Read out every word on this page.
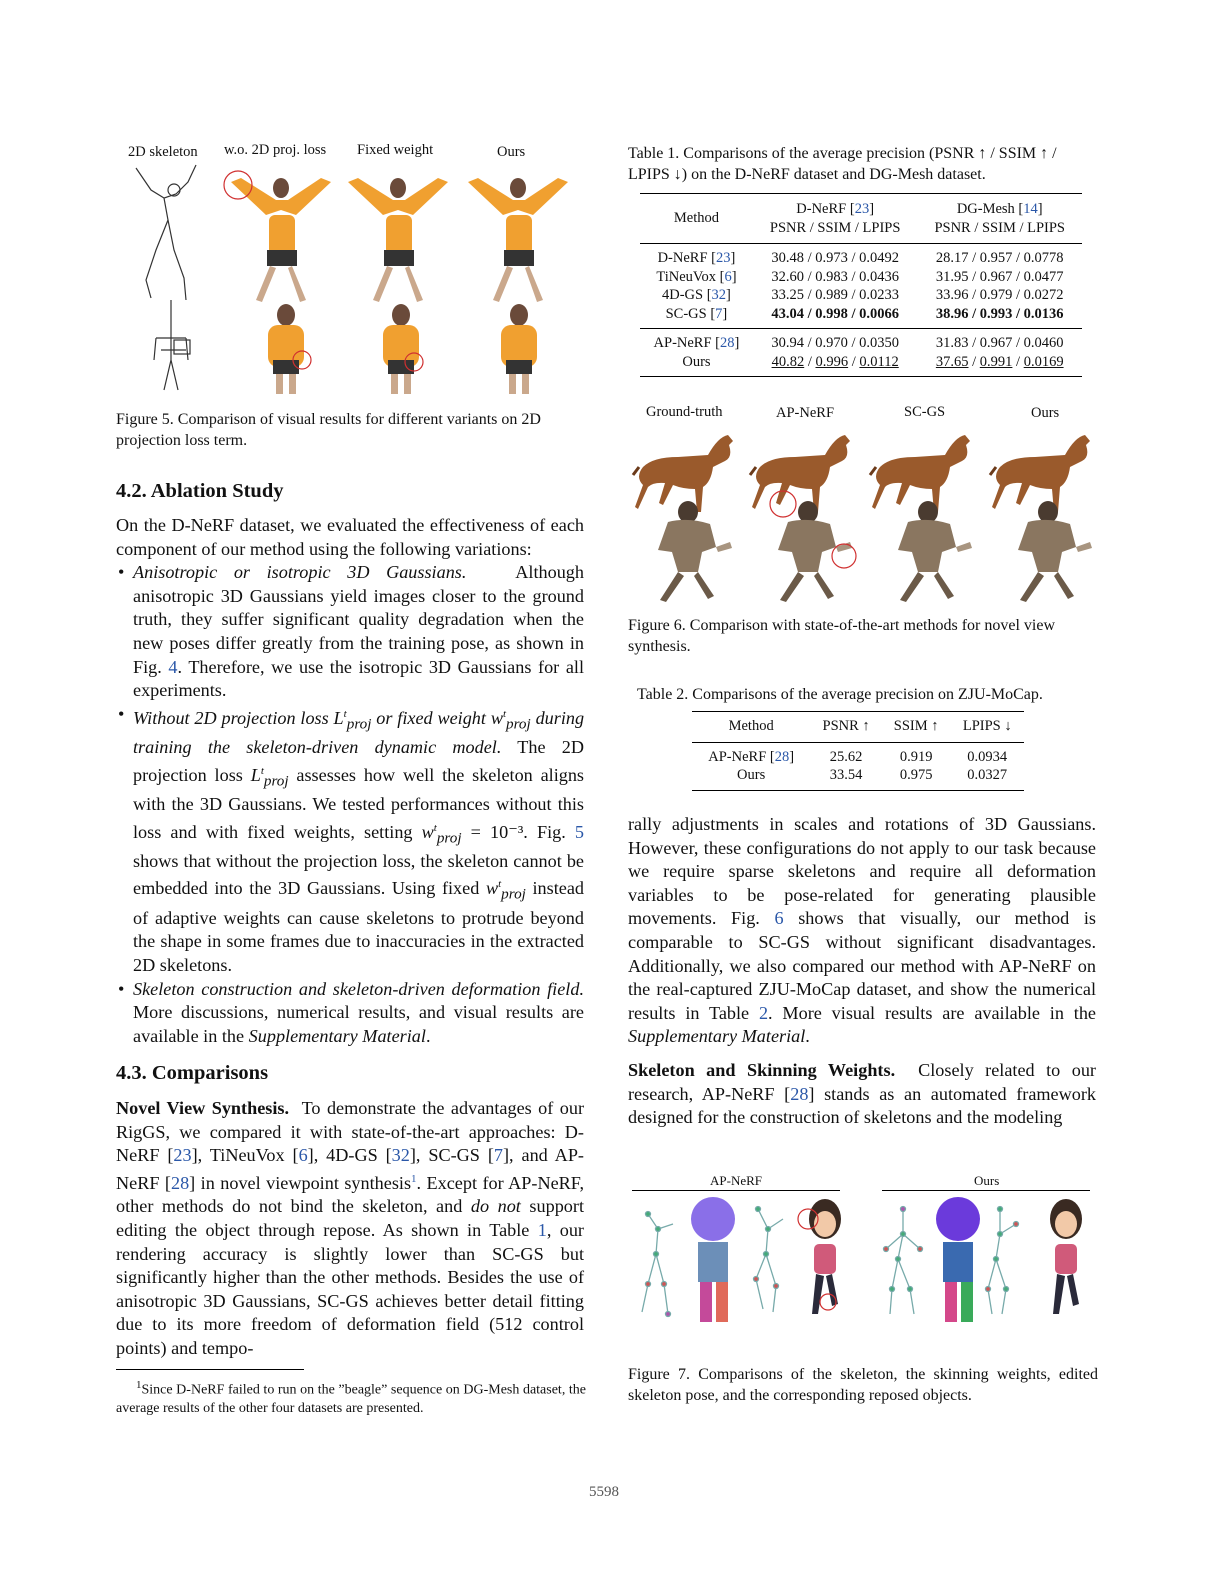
2D skeleton w.o. 2D proj. loss Fixed weight	Ours
Figure 5. Comparison of visual results for different variants on 2D projection loss term.
4.2. Ablation Study
On the D-NeRF dataset, we evaluated the effectiveness of each component of our method using the following variations:
• Anisotropic or isotropic 3D Gaussians.	Although anisotropic 3D Gaussians yield images closer to the ground truth, they suffer significant quality degradation when the new poses differ greatly from the training pose, as shown in Fig. 4. Therefore, we use the isotropic 3D Gaussians for all experiments.
• Without 2D projection loss $L^t_{proj}$ or fixed weight $w^t_{proj}$ during training the skeleton-driven dynamic model. The 2D projection loss $L^t_{proj}$ assesses how well the skeleton aligns with the 3D Gaussians. We tested performances without this loss and with fixed weights, setting $w^t_{proj} = 10^{-3}$. Fig. 5 shows that without the projection loss, the skeleton cannot be embedded into the 3D Gaussians. Using fixed $w^t_{proj}$ instead of adaptive weights can cause skeletons to protrude beyond the shape in some frames due to inaccuracies in the extracted 2D skeletons.
• Skeleton construction and skeleton-driven deformation field. More discussions, numerical results, and visual results are available in the Supplementary Material.
4.3. Comparisons
Novel View Synthesis.  To demonstrate the advantages of our RigGS, we compared it with state-of-the-art approaches: D-NeRF [23], TiNeuVox [6], 4D-GS [32], SC-GS [7], and AP-NeRF [28] in novel viewpoint synthesis$^1$. Except for AP-NeRF, other methods do not bind the skeleton, and do not support editing the object through repose. As shown in Table 1, our rendering accuracy is slightly lower than SC-GS but significantly higher than the other methods. Besides the use of anisotropic 3D Gaussians, SC-GS achieves better detail fitting due to its more freedom of deformation field (512 control points) and tempo-
$^1$Since D-NeRF failed to run on the ”beagle” sequence on DG-Mesh dataset, the average results of the other four datasets are presented.
Table 1. Comparisons of the average precision (PSNR ↑ / SSIM ↑ / LPIPS ↓) on the D-NeRF dataset and DG-Mesh dataset.
Method	D-NeRF [23]	DG-Mesh [14]
	PSNR / SSIM / LPIPS	PSNR / SSIM / LPIPS

D-NeRF [23]	30.48 / 0.973 / 0.0492	28.17 / 0.957 / 0.0778
TiNeuVox [6]	32.60 / 0.983 / 0.0436	31.95 / 0.967 / 0.0477
4D-GS [32]	33.25 / 0.989 / 0.0233	33.96 / 0.979 / 0.0272
SC-GS [7]	43.04 / 0.998 / 0.0066	38.96 / 0.993 / 0.0136

AP-NeRF [28]	30.94 / 0.970 / 0.0350	31.83 / 0.967 / 0.0460
Ours	40.82 / 0.996 / 0.0112	37.65 / 0.991 / 0.0169

Ground-truth	AP-NeRF	SC-GS	Ours
Figure 6. Comparison with state-of-the-art methods for novel view synthesis.
Table 2. Comparisons of the average precision on ZJU-MoCap.
Method	PSNR ↑	SSIM ↑	LPIPS ↓

AP-NeRF [28]	25.62	0.919	0.0934
Ours	33.54	0.975	0.0327

rally adjustments in scales and rotations of 3D Gaussians. However, these configurations do not apply to our task because we require sparse skeletons and require all deformation variables to be pose-related for generating plausible movements. Fig. 6 shows that visually, our method is comparable to SC-GS without significant disadvantages. Additionally, we also compared our method with AP-NeRF on the real-captured ZJU-MoCap dataset, and show the numerical results in Table 2. More visual results are available in the Supplementary Material.
Skeleton and Skinning Weights.  Closely related to our research, AP-NeRF [28] stands as an automated framework designed for the construction of skeletons and the modeling
AP-NeRF	Ours
Figure 7. Comparisons of the skeleton, the skinning weights, edited skeleton pose, and the corresponding reposed objects.
5598
